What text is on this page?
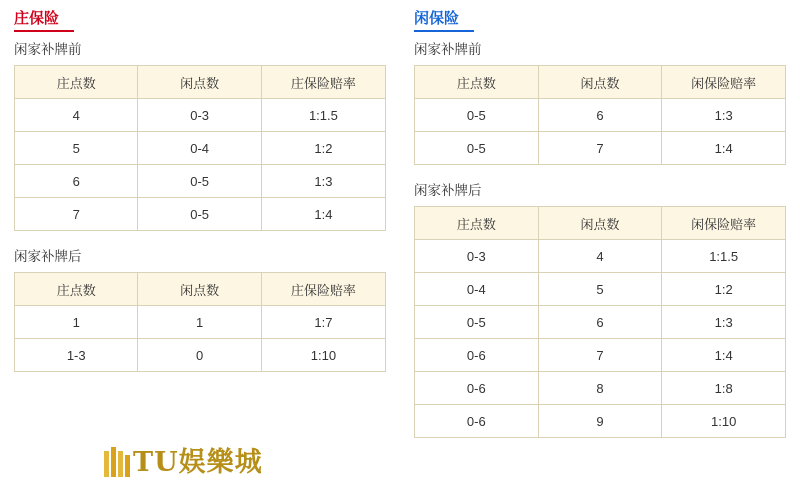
庄保险
闲家补牌前
庄点数	闲点数	庄保险赔率
4	0-3	1:1.5
5	0-4	1:2
6	0-5	1:3
7	0-5	1:4
闲家补牌后
庄点数	闲点数	庄保险赔率
1	1	1:7
1-3	0	1:10
闲保险
闲家补牌前
庄点数	闲点数	闲保险赔率
0-5	6	1:3
0-5	7	1:4
闲家补牌后
庄点数	闲点数	闲保险赔率
0-3	4	1:1.5
0-4	5	1:2
0-5	6	1:3
0-6	7	1:4
0-6	8	1:8
0-6	9	1:10
TU娱樂城
